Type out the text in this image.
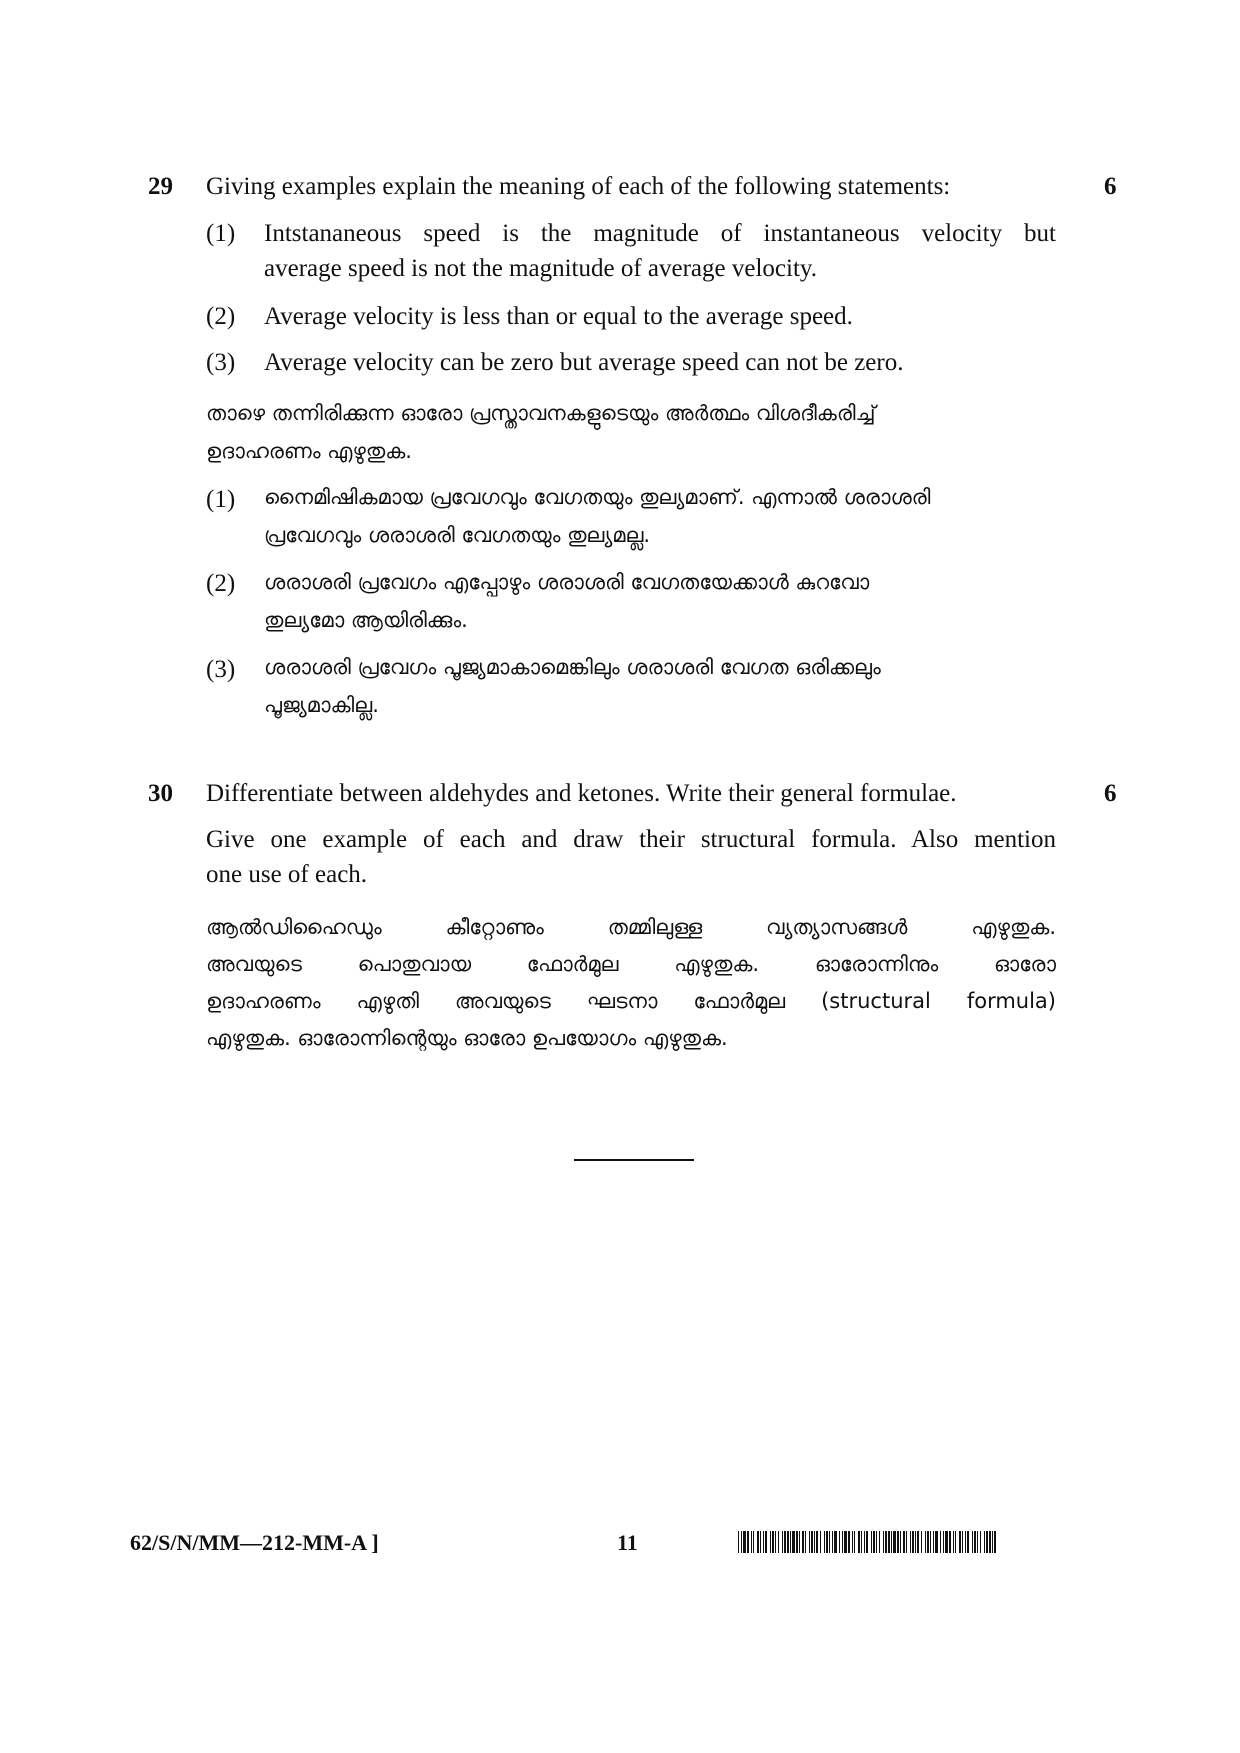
29	6
Giving examples explain the meaning of each of the following statements:
(1) Intstananeous speed is the magnitude of instantaneous velocity but
average speed is not the magnitude of average velocity.
(2) Average velocity is less than or equal to the average speed.
(3) Average velocity can be zero but average speed can not be zero.
താഴെ തന്നിരിക്കുന്ന ഓരോ പ്രസ്താവനകളുടെയും അർത്ഥം വിശദീകരിച്ച്
ഉദാഹരണം എഴുതുക.
(1) നൈമിഷികമായ പ്രവേഗവും വേഗതയും തുല്യമാണ്. എന്നാൽ ശരാശരി
പ്രവേഗവും ശരാശരി വേഗതയും തുല്യമല്ല.
(2) ശരാശരി പ്രവേഗം എപ്പോഴും ശരാശരി വേഗതയേക്കാൾ കുറവോ
തുല്യമോ ആയിരിക്കും.
(3) ശരാശരി പ്രവേഗം പൂജ്യമാകാമെങ്കിലും ശരാശരി വേഗത ഒരിക്കലും
പൂജ്യമാകില്ല.
30	6
Differentiate between aldehydes and ketones. Write their general formulae.
Give one example of each and draw their structural formula. Also mention
one use of each.
ആൽഡിഹൈഡും കീറ്റോണും തമ്മിലുള്ള വ്യത്യാസങ്ങൾ എഴുതുക.
അവയുടെ പൊതുവായ ഫോർമുല എഴുതുക. ഓരോന്നിനും ഓരോ
ഉദാഹരണം എഴുതി അവയുടെ ഘടനാ ഫോർമുല (structural formula)
എഴുതുക. ഓരോന്നിന്റെയും ഓരോ ഉപയോഗം എഴുതുക.
62/S/N/MM—212-MM-A ]	11
